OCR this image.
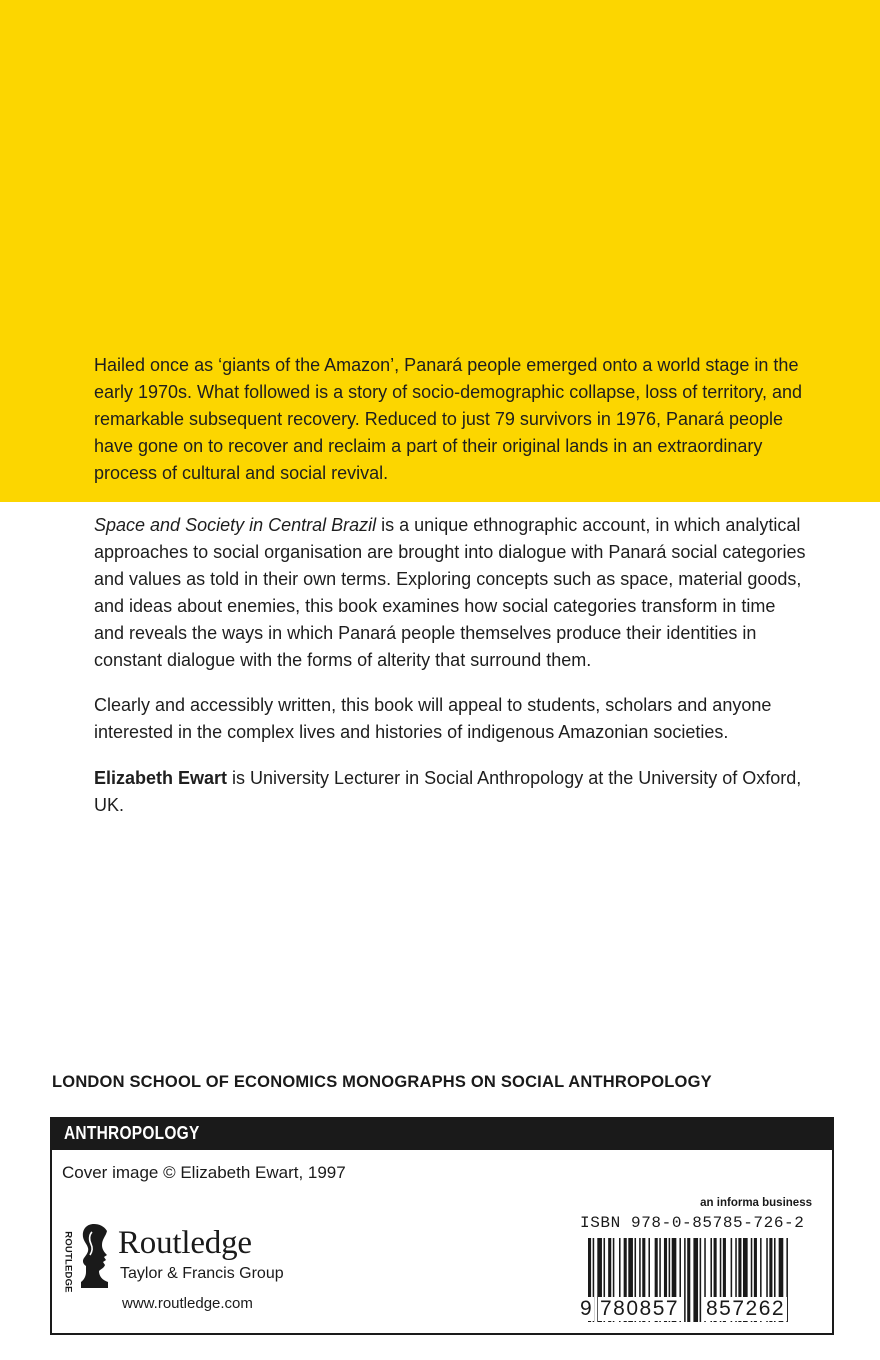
Hailed once as ‘giants of the Amazon’, Panará people emerged onto a world stage in the early 1970s. What followed is a story of socio-demographic collapse, loss of territory, and remarkable subsequent recovery. Reduced to just 79 survivors in 1976, Panará people have gone on to recover and reclaim a part of their original lands in an extraordinary process of cultural and social revival.

Space and Society in Central Brazil is a unique ethnographic account, in which analytical approaches to social organisation are brought into dialogue with Panará social categories and values as told in their own terms. Exploring concepts such as space, material goods, and ideas about enemies, this book examines how social categories transform in time and reveals the ways in which Panará people themselves produce their identities in constant dialogue with the forms of alterity that surround them.

Clearly and accessibly written, this book will appeal to students, scholars and anyone interested in the complex lives and histories of indigenous Amazonian societies.

Elizabeth Ewart is University Lecturer in Social Anthropology at the University of Oxford, UK.

LONDON SCHOOL OF ECONOMICS MONOGRAPHS ON SOCIAL ANTHROPOLOGY
ANTHROPOLOGY
Cover image © Elizabeth Ewart, 1997
ROUTLEDGE Routledge
Taylor & Francis Group
www.routledge.com
an informa business
ISBN 978-0-85785-726-2
9 780857 857262
